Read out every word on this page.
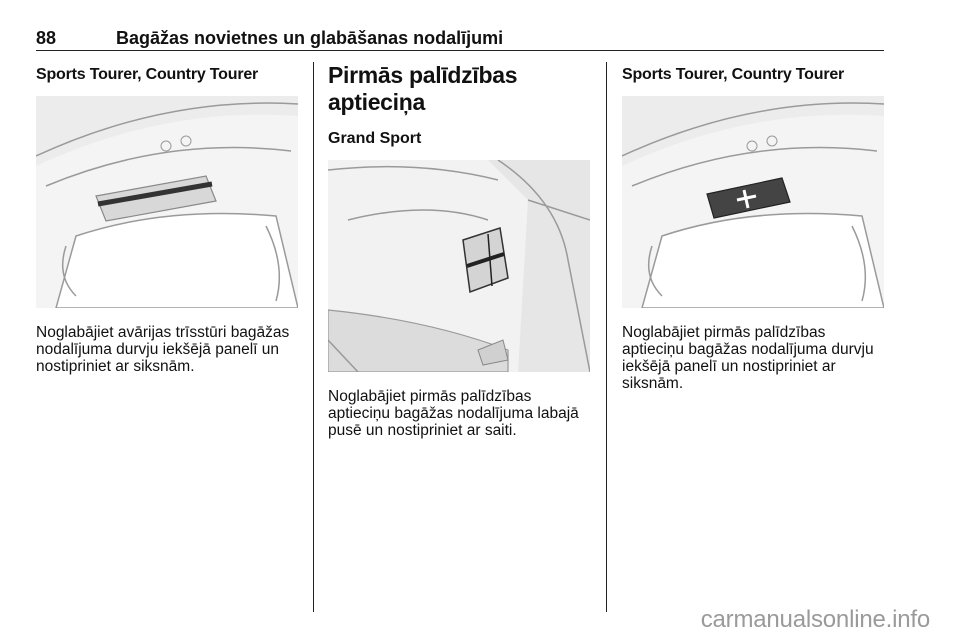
88	Bagāžas novietnes un glabāšanas nodalījumi
Sports Tourer, Country Tourer

Noglabājiet avārijas trīsstūri bagāžas nodalījuma durvju iekšējā panelī un nostipriniet ar siksnām.

Pirmās palīdzības aptieciņa
Grand Sport

Noglabājiet pirmās palīdzības aptieciņu bagāžas nodalījuma labajā pusē un nostipriniet ar saiti.

Sports Tourer, Country Tourer

Noglabājiet pirmās palīdzības aptieciņu bagāžas nodalījuma durvju iekšējā panelī un nostipriniet ar siksnām.

carmanualsonline.info
